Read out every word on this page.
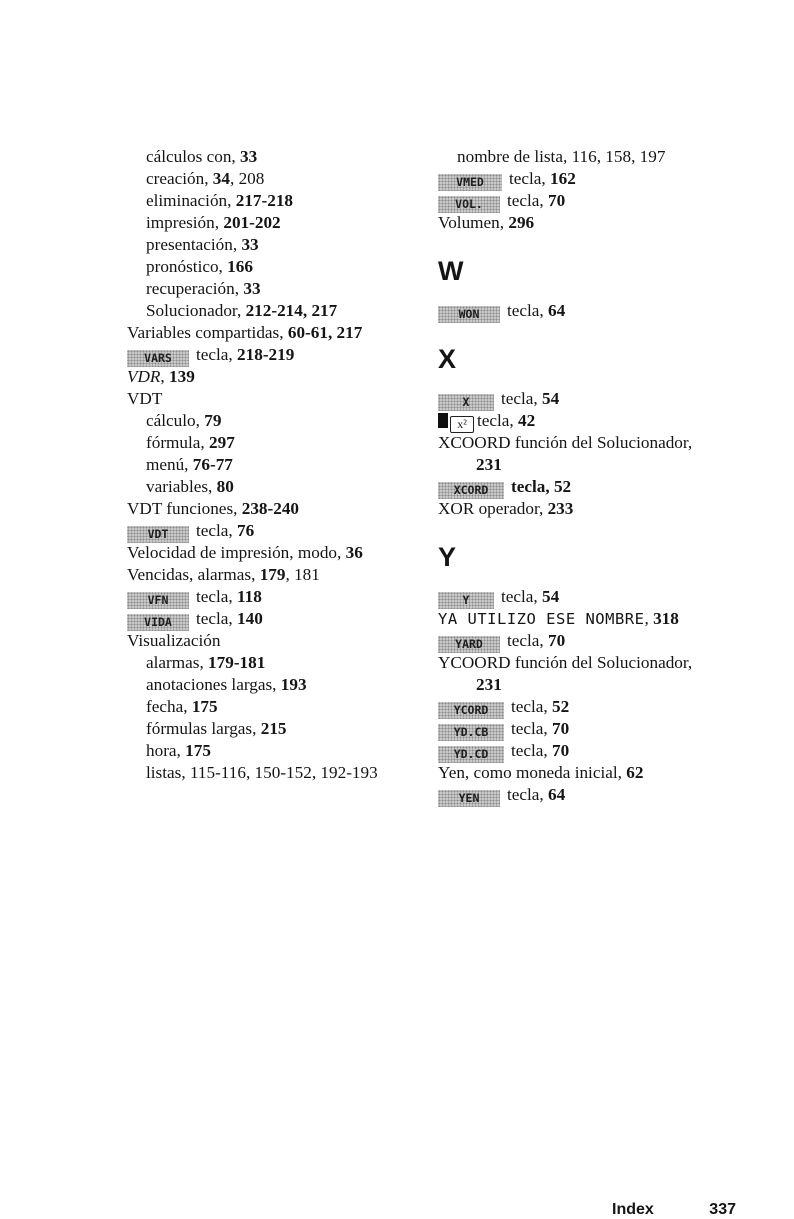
cálculos con, 33
creación, 34, 208
eliminación, 217-218
impresión, 201-202
presentación, 33
pronóstico, 166
recuperación, 33
Solucionador, 212-214, 217
Variables compartidas, 60-61, 217
VARS tecla, 218-219
VDR, 139
VDT
cálculo, 79
fórmula, 297
menú, 76-77
variables, 80
VDT funciones, 238-240
VDT tecla, 76
Velocidad de impresión, modo, 36
Vencidas, alarmas, 179, 181
VFN tecla, 118
VIDA tecla, 140
Visualización
alarmas, 179-181
anotaciones largas, 193
fecha, 175
fórmulas largas, 215
hora, 175
listas, 115-116, 150-152, 192-193
nombre de lista, 116, 158, 197
VMED tecla, 162
VOL. tecla, 70
Volumen, 296
W
WON tecla, 64
X
X tecla, 54
x² tecla, 42
XCOORD función del Solucionador,
231
XCORD tecla, 52
XOR operador, 233
Y
Y tecla, 54
YA UTILIZO ESE NOMBRE, 318
YARD tecla, 70
YCOORD función del Solucionador,
231
YCORD tecla, 52
YD.CB tecla, 70
YD.CD tecla, 70
Yen, como moneda inicial, 62
YEN tecla, 64
Index	337
